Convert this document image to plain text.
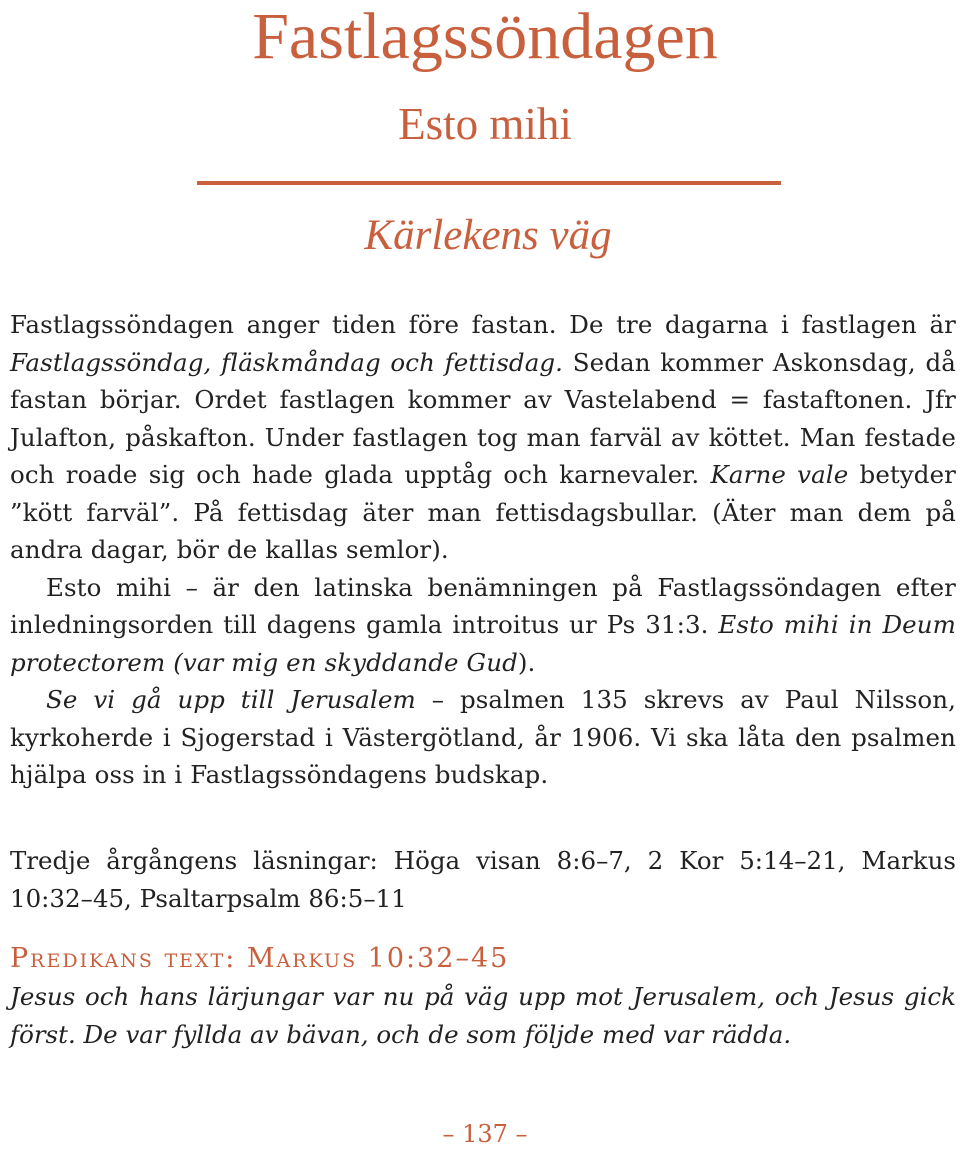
Fastlagssöndagen
Esto mihi
Kärlekens väg

Fastlagssöndagen anger tiden före fastan. De tre dagarna i fastlagen är Fastlagssöndag, fläskmåndag och fettisdag. Sedan kommer Askonsdag, då fastan börjar. Ordet fastlagen kommer av Vastelabend = fastaftonen. Jfr Julafton, påskafton. Under fastlagen tog man farväl av köttet. Man festade och roade sig och hade glada upptåg och karnevaler. Karne vale betyder ”kött farväl”. På fettisdag äter man fettisdagsbullar. (Äter man dem på andra dagar, bör de kallas semlor).

Esto mihi – är den latinska benämningen på Fastlagssöndagen efter inledningsorden till dagens gamla introitus ur Ps 31:3. Esto mihi in Deum protectorem (var mig en skyddande Gud).

Se vi gå upp till Jerusalem – psalmen 135 skrevs av Paul Nilsson, kyrkoherde i Sjogerstad i Västergötland, år 1906. Vi ska låta den psalmen hjälpa oss in i Fastlagssöndagens budskap.

Tredje årgångens läsningar: Höga visan 8:6–7, 2 Kor 5:14–21, Markus 10:32–45, Psaltarpsalm 86:5–11
Predikans text: Markus 10:32–45
Jesus och hans lärjungar var nu på väg upp mot Jerusalem, och Jesus gick först. De var fyllda av bävan, och de som följde med var rädda.
– 137 –
